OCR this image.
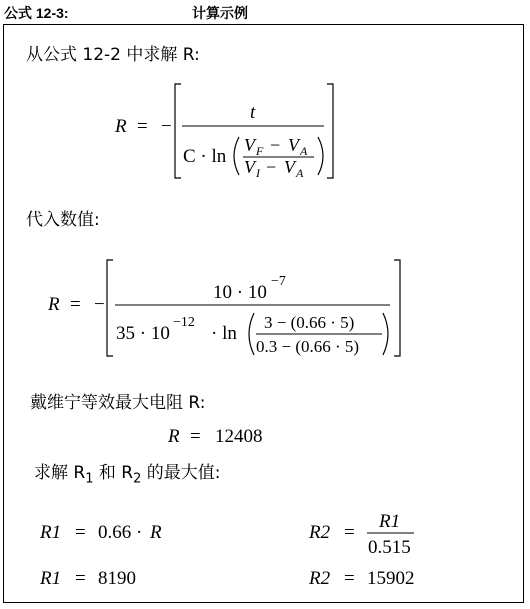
公式 12-3:	计算示例
从公式 12-2 中求解 R:
R = −
t
C · ln
V F − V A
V I − V A
R = −
10 · 10
−7
35 · 10
−12
· ln
3 − (0.66 · 5)
0.3 − (0.66 · 5)
R = 12408
R1 = 0.66 · R
R1 = 8190
R2 =
R1
0.515
R2 = 15902
代入数值:
戴维宁等效最大电阻 R:
求解 $R_1$ 和 $R_2$ 的最大值:
